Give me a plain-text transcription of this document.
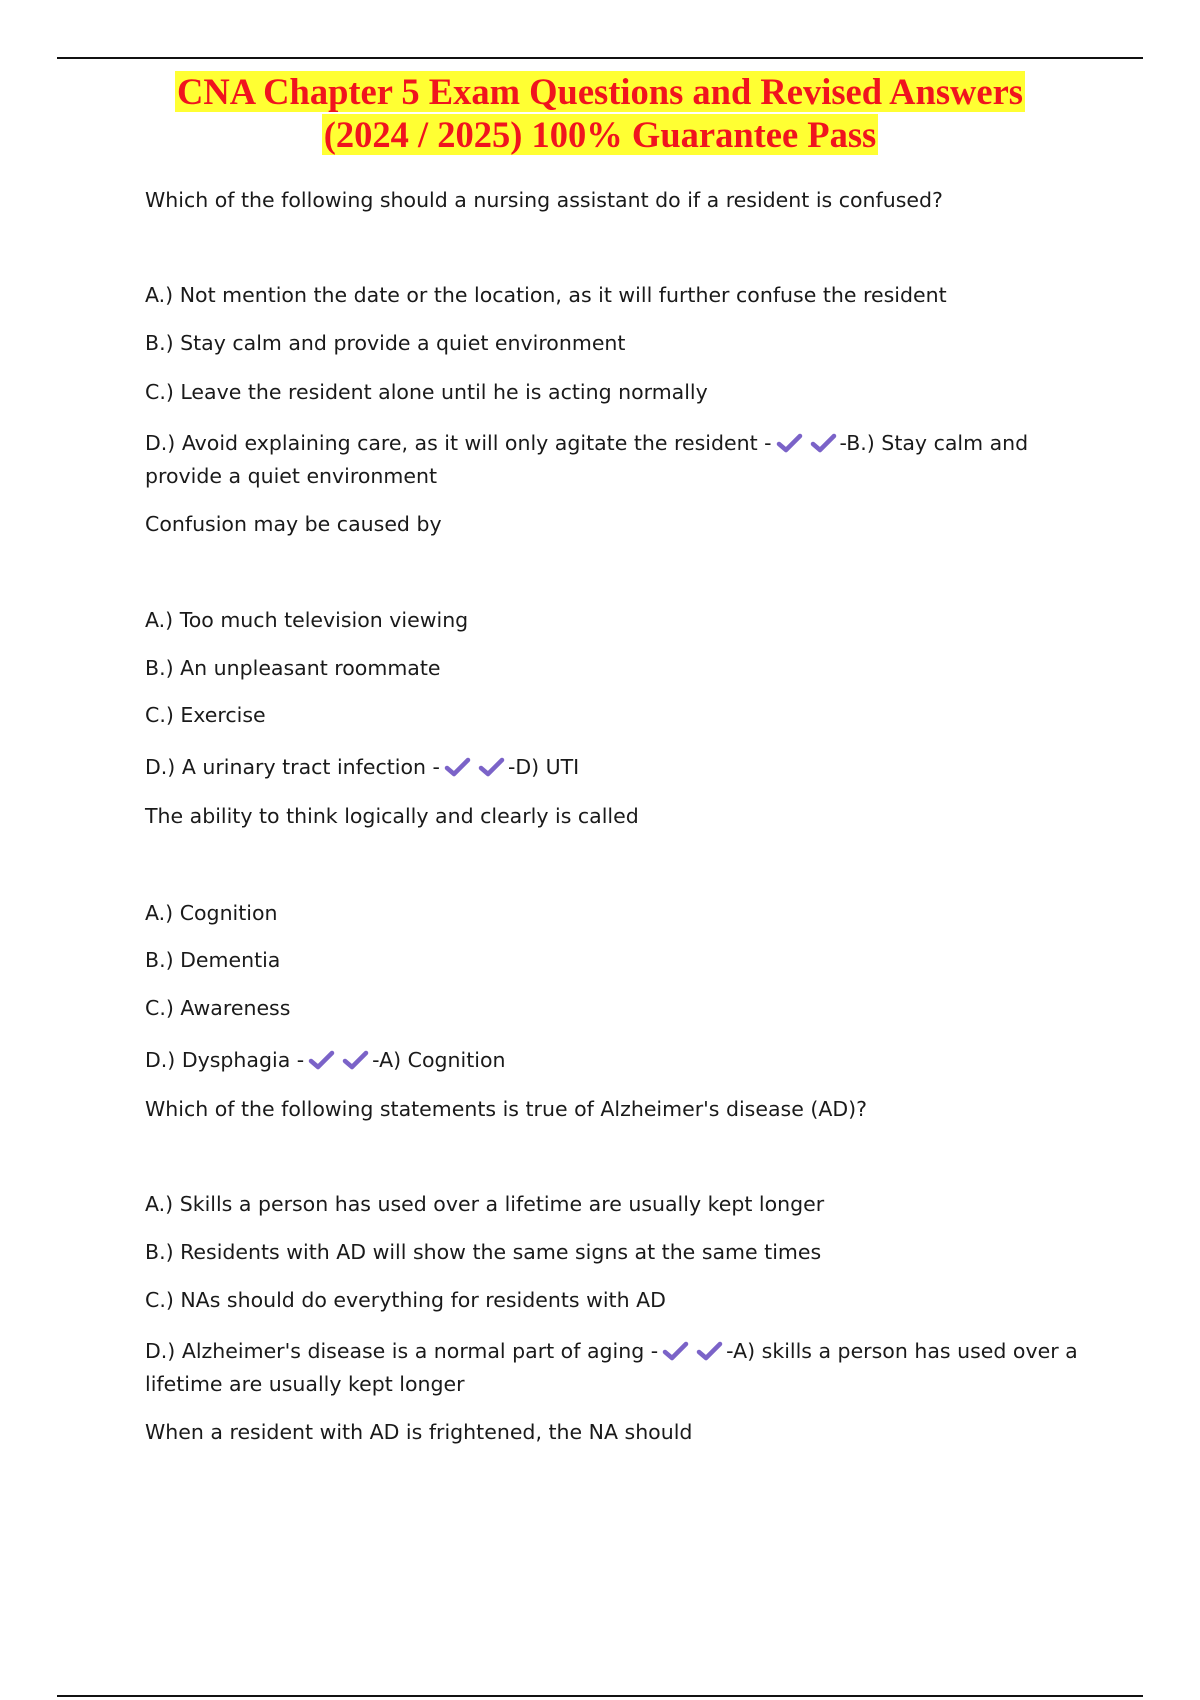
CNA Chapter 5 Exam Questions and Revised Answers
(2024 / 2025) 100% Guarantee Pass
Which of the following should a nursing assistant do if a resident is confused?
A.) Not mention the date or the location, as it will further confuse the resident
B.) Stay calm and provide a quiet environment
C.) Leave the resident alone until he is acting normally
D.) Avoid explaining care, as it will only agitate the resident -	-B.) Stay calm and provide a quiet environment
Confusion may be caused by
A.) Too much television viewing
B.) An unpleasant roommate
C.) Exercise
D.) A urinary tract infection -	-D) UTI
The ability to think logically and clearly is called
A.) Cognition
B.) Dementia
C.) Awareness
D.) Dysphagia -	-A) Cognition
Which of the following statements is true of Alzheimer's disease (AD)?
A.) Skills a person has used over a lifetime are usually kept longer
B.) Residents with AD will show the same signs at the same times
C.) NAs should do everything for residents with AD
D.) Alzheimer's disease is a normal part of aging -	-A) skills a person has used over a lifetime are usually kept longer
When a resident with AD is frightened, the NA should
